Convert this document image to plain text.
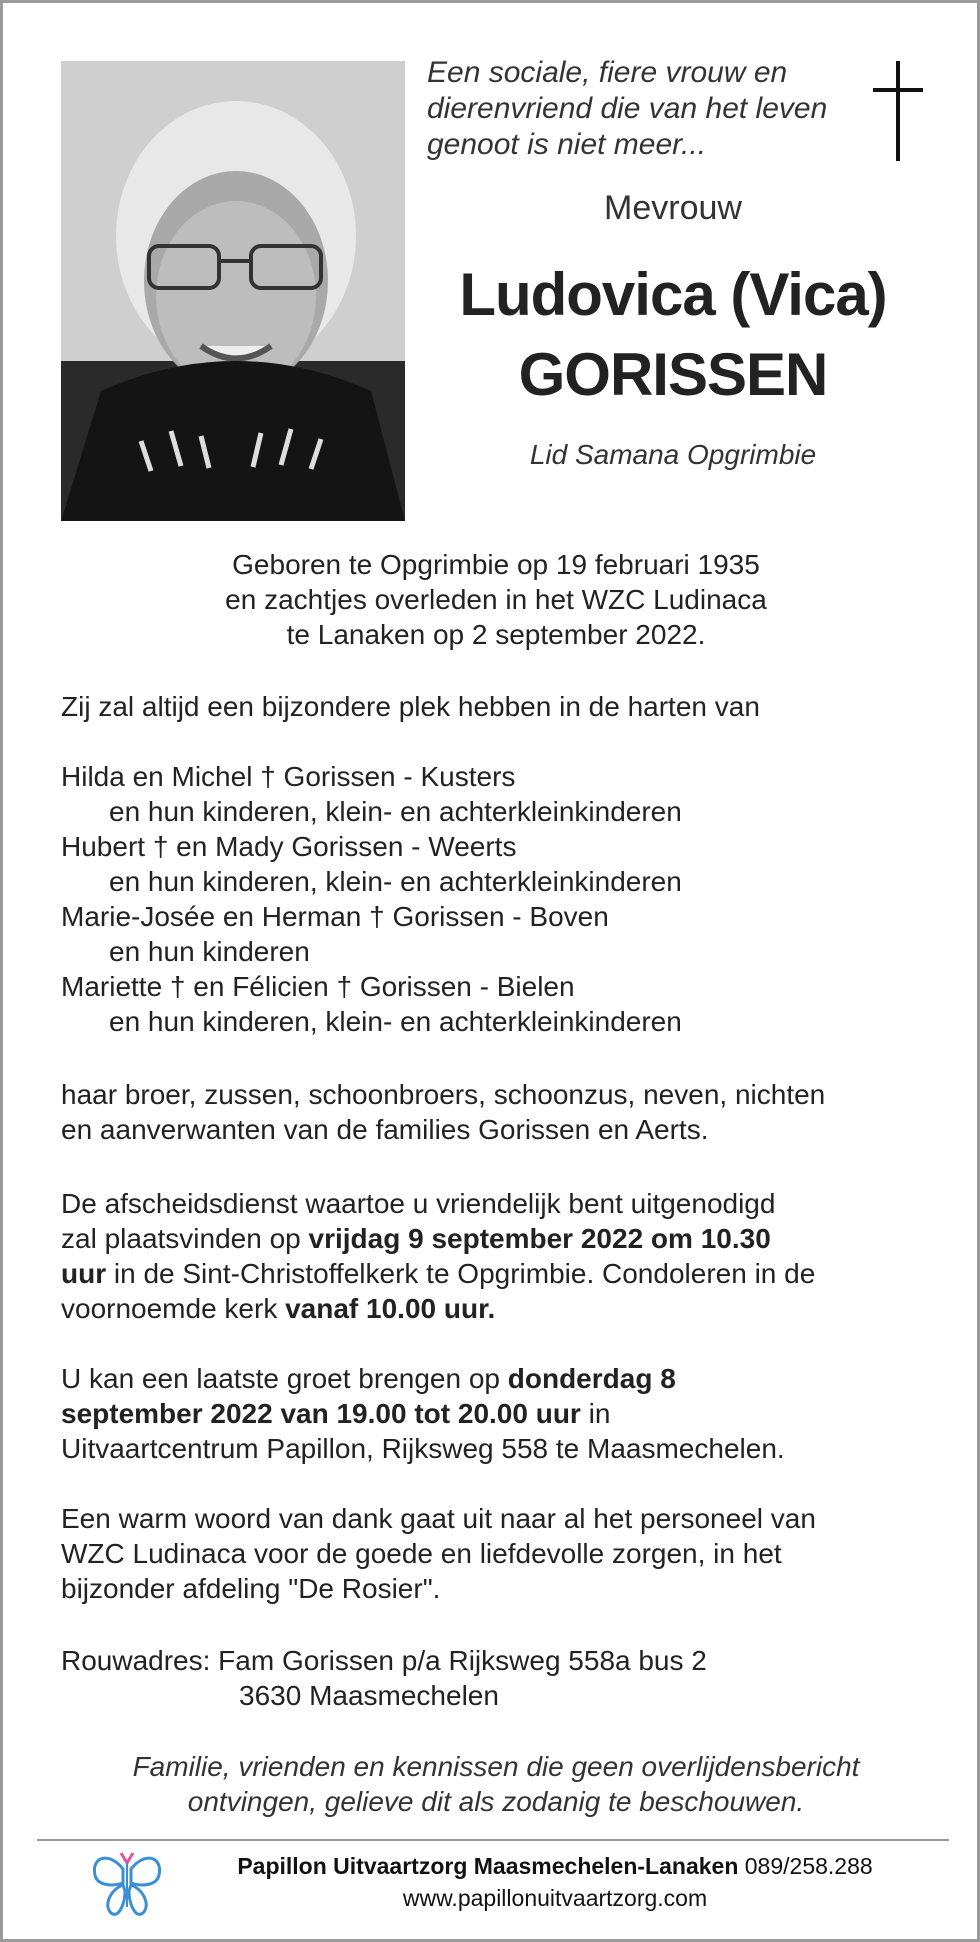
Een sociale, fiere vrouw en dierenvriend die van het leven genoot is niet meer...

Mevrouw

Ludovica (Vica)
GORISSEN

Lid Samana Opgrimbie

Geboren te Opgrimbie op 19 februari 1935
en zachtjes overleden in het WZC Ludinaca
te Lanaken op 2 september 2022.

Zij zal altijd een bijzondere plek hebben in de harten van

Hilda en Michel † Gorissen - Kusters
en hun kinderen, klein- en achterkleinkinderen
Hubert † en Mady Gorissen - Weerts
en hun kinderen, klein- en achterkleinkinderen
Marie-Josée en Herman † Gorissen - Boven
en hun kinderen
Mariette † en Félicien † Gorissen - Bielen
en hun kinderen, klein- en achterkleinkinderen
haar broer, zussen, schoonbroers, schoonzus, neven, nichten
en aanverwanten van de families Gorissen en Aerts.
De afscheidsdienst waartoe u vriendelijk bent uitgenodigd
zal plaatsvinden op vrijdag 9 september 2022 om 10.30
uur in de Sint-Christoffelkerk te Opgrimbie. Condoleren in de
voornoemde kerk vanaf 10.00 uur.
U kan een laatste groet brengen op donderdag 8
september 2022 van 19.00 tot 20.00 uur in
Uitvaartcentrum Papillon, Rijksweg 558 te Maasmechelen.
Een warm woord van dank gaat uit naar al het personeel van
WZC Ludinaca voor de goede en liefdevolle zorgen, in het
bijzonder afdeling "De Rosier".
Rouwadres: Fam Gorissen p/a Rijksweg 558a bus 2
3630 Maasmechelen
Familie, vrienden en kennissen die geen overlijdensbericht
ontvingen, gelieve dit als zodanig te beschouwen.
Papillon Uitvaartzorg Maasmechelen-Lanaken 089/258.288
www.papillonuitvaartzorg.com
